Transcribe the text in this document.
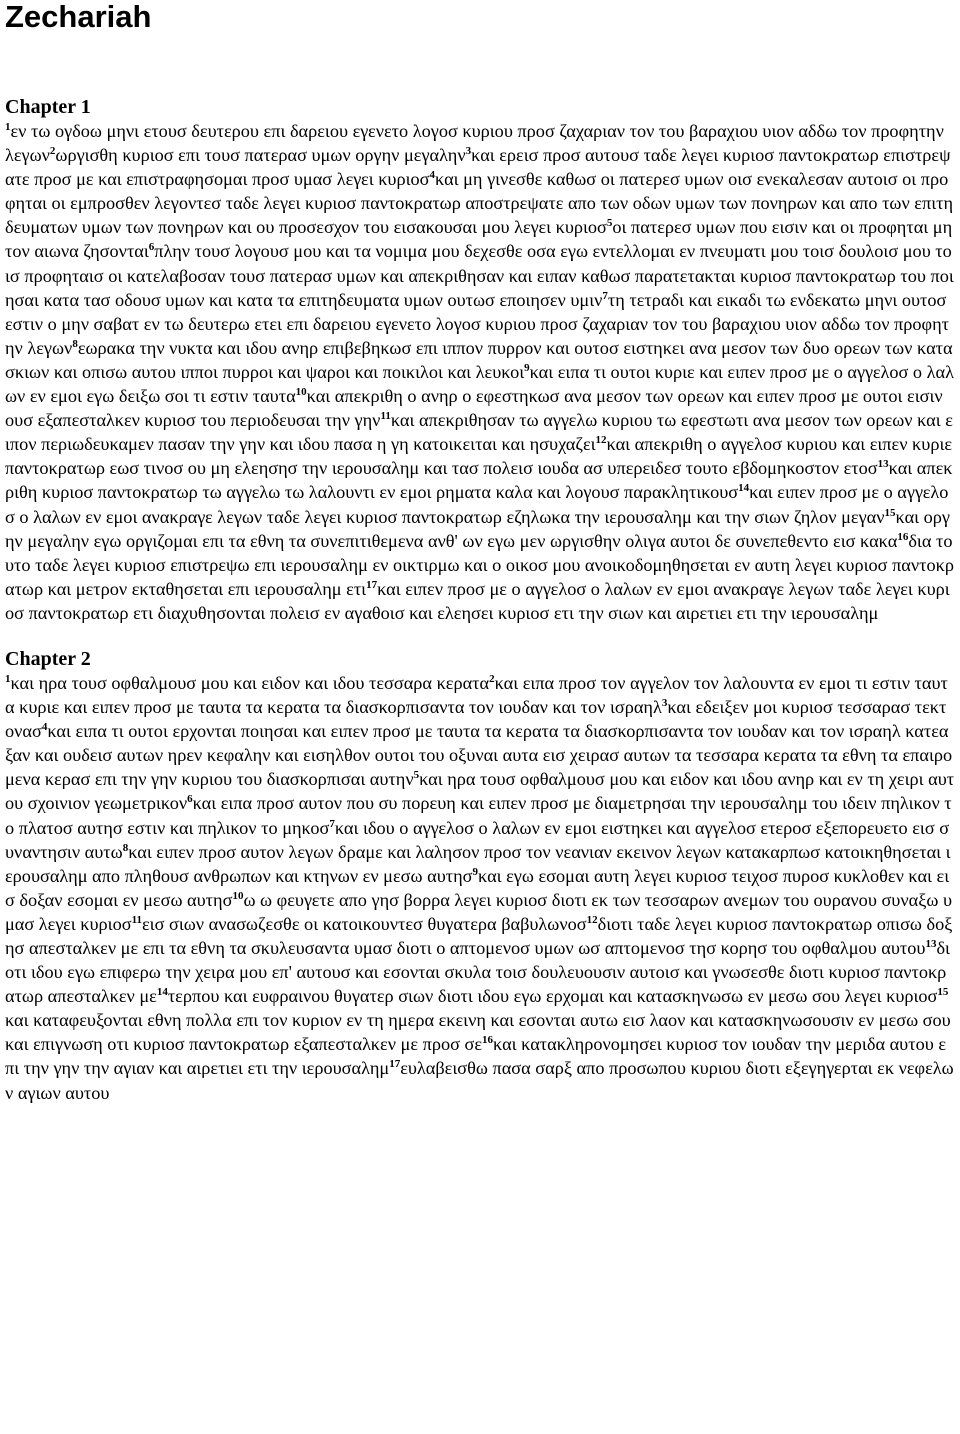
Zechariah
Chapter 1

$^1$εν τω ογδοω μηνι ετουσ δευτερου επι δαρειου εγενετο λογοσ κυριου προσ ζαχαριαν τον του βαραχιου υιον αδδω τον προφητην λεγων$^2$ωργισθη κυριοσ επι τουσ πατερασ υμων οργην μεγαλην$^3$και ερεισ προσ αυτουσ ταδε λεγει κυριοσ παντοκρατωρ επιστρεψατε προσ με και επιστραφησομαι προσ υμασ λεγει κυριοσ$^4$και μη γινεσθε καθωσ οι πατερεσ υμων οισ ενεκαλεσαν αυτοισ οι προφηται οι εμπροσθεν λεγοντεσ ταδε λεγει κυριοσ παντοκρατωρ αποστρεψατε απο των οδων υμων των πονηρων και απο των επιτηδευματων υμων των πονηρων και ου προσεσχον του εισακουσαι μου λεγει κυριοσ$^5$οι πατερεσ υμων που εισιν και οι προφηται μη τον αιωνα ζησονται$^6$πλην τουσ λογουσ μου και τα νομιμα μου δεχεσθε οσα εγω εντελλομαι εν πνευματι μου τοισ δουλοισ μου τοισ προφηταισ οι κατελαβοσαν τουσ πατερασ υμων και απεκριθησαν και ειπαν καθωσ παρατετακται κυριοσ παντοκρατωρ του ποιησαι κατα τασ οδουσ υμων και κατα τα επιτηδευματα υμων ουτωσ εποιησεν υμιν$^7$τη τετραδι και εικαδι τω ενδεκατω μηνι ουτοσ εστιν ο μην σαβατ εν τω δευτερω ετει επι δαρειου εγενετο λογοσ κυριου προσ ζαχαριαν τον του βαραχιου υιον αδδω τον προφητην λεγων$^8$εωρακα την νυκτα και ιδου ανηρ επιβεβηκωσ επι ιππον πυρρον και ουτοσ ειστηκει ανα μεσον των δυο ορεων των κατασκιων και οπισω αυτου ιπποι πυρροι και ψαροι και ποικιλοι και λευκοι$^9$και ειπα τι ουτοι κυριε και ειπεν προσ με ο αγγελοσ ο λαλων εν εμοι εγω δειξω σοι τι εστιν ταυτα$^{10}$και απεκριθη ο ανηρ ο εφεστηκωσ ανα μεσον των ορεων και ειπεν προσ με ουτοι εισιν ουσ εξαπεσταλκεν κυριοσ του περιοδευσαι την γην$^{11}$και απεκριθησαν τω αγγελω κυριου τω εφεστωτι ανα μεσον των ορεων και ειπον περιωδευκαμεν πασαν την γην και ιδου πασα η γη κατοικειται και ησυχαζει$^{12}$και απεκριθη ο αγγελοσ κυριου και ειπεν κυριε παντοκρατωρ εωσ τινοσ ου μη ελεησησ την ιερουσαλημ και τασ πολεισ ιουδα ασ υπερειδεσ τουτο εβδομηκοστον ετοσ$^{13}$και απεκριθη κυριοσ παντοκρατωρ τω αγγελω τω λαλουντι εν εμοι ρηματα καλα και λογουσ παρακλητικουσ$^{14}$και ειπεν προσ με ο αγγελοσ ο λαλων εν εμοι ανακραγε λεγων ταδε λεγει κυριοσ παντοκρατωρ εζηλωκα την ιερουσαλημ και την σιων ζηλον μεγαν$^{15}$και οργην μεγαλην εγω οργιζομαι επι τα εθνη τα συνεπιτιθεμενα ανθ' ων εγω μεν ωργισθην ολιγα αυτοι δε συνεπεθεντο εισ κακα$^{16}$δια τουτο ταδε λεγει κυριοσ επιστρεψω επι ιερουσαλημ εν οικτιρμω και ο οικοσ μου ανοικοδομηθησεται εν αυτη λεγει κυριοσ παντοκρατωρ και μετρον εκταθησεται επι ιερουσαλημ ετι$^{17}$και ειπεν προσ με ο αγγελοσ ο λαλων εν εμοι ανακραγε λεγων ταδε λεγει κυριοσ παντοκρατωρ ετι διαχυθησονται πολεισ εν αγαθοισ και ελεησει κυριοσ ετι την σιων και αιρετιει ετι την ιερουσαλημ

Chapter 2

$^1$και ηρα τουσ οφθαλμουσ μου και ειδον και ιδου τεσσαρα κερατα$^2$και ειπα προσ τον αγγελον τον λαλουντα εν εμοι τι εστιν ταυτα κυριε και ειπεν προσ με ταυτα τα κερατα τα διασκορπισαντα τον ιουδαν και τον ισραηλ$^3$και εδειξεν μοι κυριοσ τεσσαρασ τεκτονασ$^4$και ειπα τι ουτοι ερχονται ποιησαι και ειπεν προσ με ταυτα τα κερατα τα διασκορπισαντα τον ιουδαν και τον ισραηλ κατεαξαν και ουδεισ αυτων ηρεν κεφαλην και εισηλθον ουτοι του οξυναι αυτα εισ χειρασ αυτων τα τεσσαρα κερατα τα εθνη τα επαιρομενα κερασ επι την γην κυριου του διασκορπισαι αυτην$^5$και ηρα τουσ οφθαλμουσ μου και ειδον και ιδου ανηρ και εν τη χειρι αυτου σχοινιον γεωμετρικον$^6$και ειπα προσ αυτον που συ πορευη και ειπεν προσ με διαμετρησαι την ιερουσαλημ του ιδειν πηλικον το πλατοσ αυτησ εστιν και πηλικον το μηκοσ$^7$και ιδου ο αγγελοσ ο λαλων εν εμοι ειστηκει και αγγελοσ ετεροσ εξεπορευετο εισ συναντησιν αυτω$^8$και ειπεν προσ αυτον λεγων δραμε και λαλησον προσ τον νεανιαν εκεινον λεγων κατακαρπωσ κατοικηθησεται ιερουσαλημ απο πληθουσ ανθρωπων και κτηνων εν μεσω αυτησ$^9$και εγω εσομαι αυτη λεγει κυριοσ τειχοσ πυροσ κυκλοθεν και εισ δοξαν εσομαι εν μεσω αυτησ$^{10}$ω ω φευγετε απο γησ βορρα λεγει κυριοσ διοτι εκ των τεσσαρων ανεμων του ουρανου συναξω υμασ λεγει κυριοσ$^{11}$εισ σιων ανασωζεσθε οι κατοικουντεσ θυγατερα βαβυλωνοσ$^{12}$διοτι ταδε λεγει κυριοσ παντοκρατωρ οπισω δοξησ απεσταλκεν με επι τα εθνη τα σκυλευσαντα υμασ διοτι ο απτομενοσ υμων ωσ απτομενοσ τησ κορησ του οφθαλμου αυτου$^{13}$διοτι ιδου εγω επιφερω την χειρα μου επ' αυτουσ και εσονται σκυλα τοισ δουλευουσιν αυτοισ και γνωσεσθε διοτι κυριοσ παντοκρατωρ απεσταλκεν $\mu\varepsilon^{14}\tau\varepsilon\rho\pi o\upsilon$ και ευφραινου θυγατερ σιων διοτι ιδου εγω ερχομαι και κατασκηνωσω εν μεσω σου λεγει κυριοσ$^{15}$και καταφευξονται εθνη πολλα επι τον κυριον εν τη ημερα εκεινη και εσονται αυτω εισ λαον και κατασκηνωσουσιν εν μεσω σου και επιγνωση οτι κυριοσ παντοκρατωρ εξαπεσταλκεν με προσ $\sigma\varepsilon^{16}\kappa\alpha\iota$ κατακληρονομησει κυριοσ τον ιουδαν την μεριδα αυτου επι την γην την αγιαν και αιρετιει ετι την ιερουσαλημ$^{17}$ευλαβεισθω πασα σαρξ απο προσωπου κυριου διοτι εξεγηγερται εκ νεφελων αγιων αυτου
